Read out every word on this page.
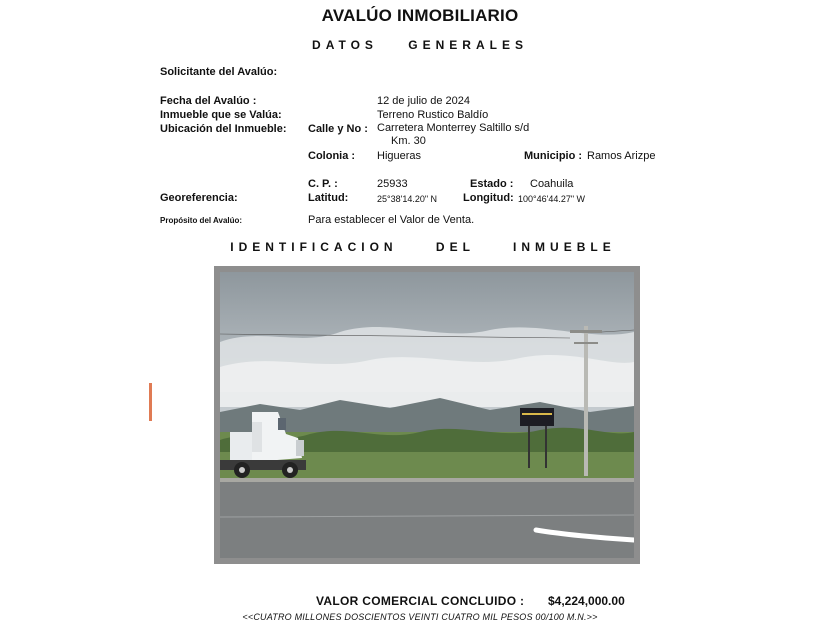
AVALÚO INMOBILIARIO
DATOS GENERALES
Solicitante del Avalúo:
Fecha del Avalúo :	12 de julio de 2024
Inmueble que se Valúa:	Terreno Rustico Baldío
Ubicación del Inmueble: Calle y No : Carretera Monterrey Saltillo s/d
Km. 30
Colonia : Higueras	Municipio : Ramos Arizpe
C. P. :	25933	Estado : Coahuila
Georeferencia:	Latitud:	25°38'14.20" N Longitud: 100°46'44.27" W
Propósito del Avalúo:	Para establecer el Valor de Venta.
IDENTIFICACION DEL INMUEBLE
VALOR COMERCIAL CONCLUIDO : $4,224,000.00
<<CUATRO MILLONES DOSCIENTOS VEINTI CUATRO MIL PESOS 00/100 M.N.>>
